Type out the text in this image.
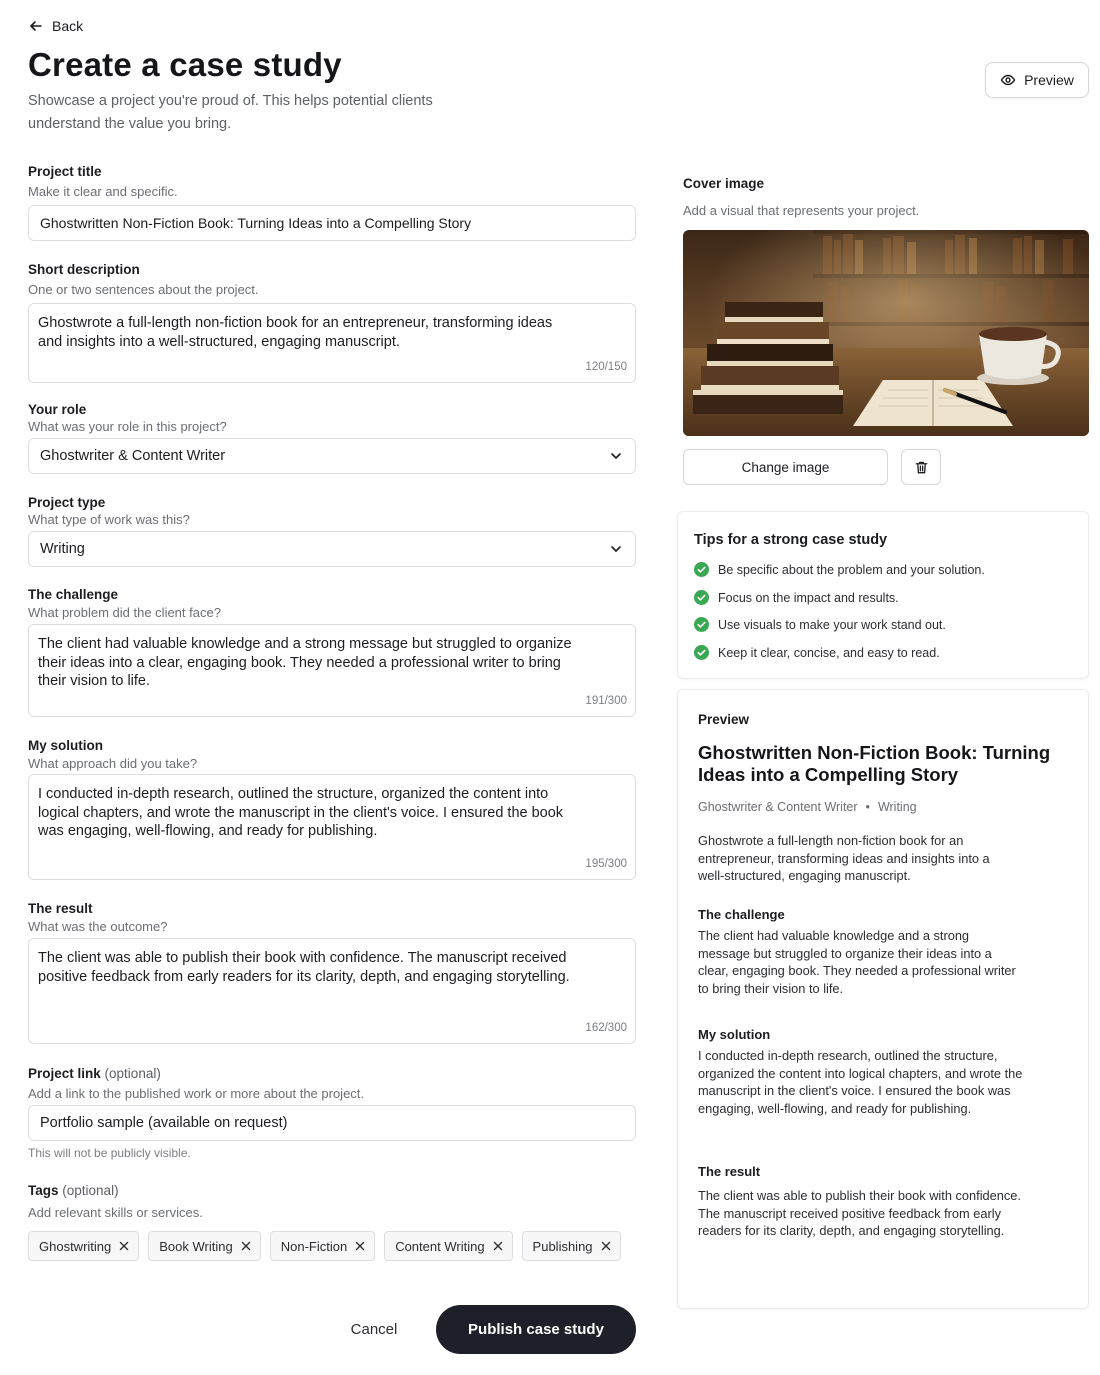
Back
Create a case study
Showcase a project you're proud of. This helps potential clients understand the value you bring.
Preview
Project title
Make it clear and specific.
Ghostwritten Non-Fiction Book: Turning Ideas into a Compelling Story
Short description
One or two sentences about the project.
Ghostwrote a full-length non-fiction book for an entrepreneur, transforming ideas and insights into a well-structured, engaging manuscript.
120/150
Your role
What was your role in this project?
Ghostwriter & Content Writer
Project type
What type of work was this?
Writing
The challenge
What problem did the client face?
The client had valuable knowledge and a strong message but struggled to organize their ideas into a clear, engaging book. They needed a professional writer to bring their vision to life.
191/300
My solution
What approach did you take?
I conducted in-depth research, outlined the structure, organized the content into logical chapters, and wrote the manuscript in the client's voice. I ensured the book was engaging, well-flowing, and ready for publishing.
195/300
The result
What was the outcome?
The client was able to publish their book with confidence. The manuscript received positive feedback from early readers for its clarity, depth, and engaging storytelling.
162/300
Project link (optional)
Add a link to the published work or more about the project.
Portfolio sample (available on request)
This will not be publicly visible.
Tags (optional)
Add relevant skills or services.
Ghostwriting	Book Writing	Non-Fiction	Content Writing	Publishing
Cancel	Publish case study
Cover image
Add a visual that represents your project.
Change image
Tips for a strong case study
Be specific about the problem and your solution.
Focus on the impact and results.
Use visuals to make your work stand out.
Keep it clear, concise, and easy to read.
Preview
Ghostwritten Non-Fiction Book: Turning Ideas into a Compelling Story
Ghostwriter & Content Writer • Writing
Ghostwrote a full-length non-fiction book for an entrepreneur, transforming ideas and insights into a well-structured, engaging manuscript.
The challenge
The client had valuable knowledge and a strong message but struggled to organize their ideas into a clear, engaging book. They needed a professional writer to bring their vision to life.
My solution
I conducted in-depth research, outlined the structure, organized the content into logical chapters, and wrote the manuscript in the client's voice. I ensured the book was engaging, well-flowing, and ready for publishing.
The result
The client was able to publish their book with confidence. The manuscript received positive feedback from early readers for its clarity, depth, and engaging storytelling.
